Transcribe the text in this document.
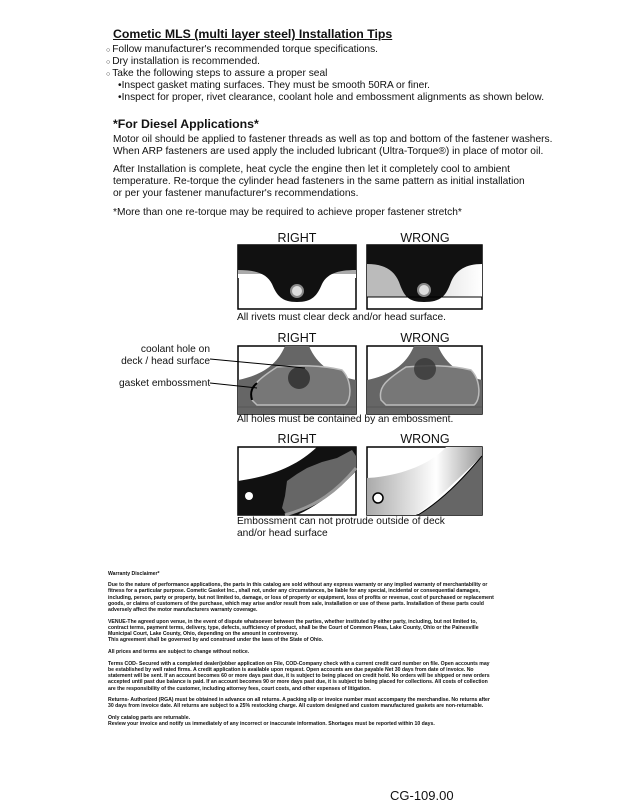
Cometic MLS (multi layer steel) Installation Tips
○ Follow manufacturer's recommended torque specifications.
○ Dry installation is recommended.
○ Take the following steps to assure a proper seal
•Inspect gasket mating surfaces. They must be smooth 50RA or finer.
•Inspect for proper, rivet clearance, coolant hole and embossment alignments as shown below.
*For Diesel Applications*
Motor oil should be applied to fastener threads as well as top and bottom of the fastener washers.
When ARP fasteners are used apply the included lubricant (Ultra-Torque®) in place of motor oil.
After Installation is complete, heat cycle the engine then let it completely cool to ambient
temperature. Re-torque the cylinder head fasteners in the same pattern as initial installation
or per your fastener manufacturer's recommendations.
*More than one re-torque may be required to achieve proper fastener stretch*
RIGHT	WRONG
RIGHT	WRONG
RIGHT	WRONG
All rivets must clear deck and/or head surface.
coolant hole on
deck / head surface
gasket embossment
All holes must be contained by an embossment.
Embossment can not protrude outside of deck
and/or head surface
Warranty Disclaimer*
Due to the nature of performance applications, the parts in this catalog are sold without any express warranty or any implied warranty of merchantability or
fitness for a particular purpose. Cometic Gasket Inc., shall not, under any circumstances, be liable for any special, incidental or consequential damages,
including, person, party or property, but not limited to, damage, or loss of property or equipment, loss of profits or revenue, cost of purchased or replacement
goods, or claims of customers of the purchase, which may arise and/or result from sale, installation or use of these parts. Installation of these parts could
adversely affect the motor manufacturers warranty coverage.
VENUE-The agreed upon venue, in the event of dispute whatsoever between the parties, whether instituted by either party, including, but not limited to,
contract terms, payment terms, delivery, type, defects, sufficiency of product, shall be the Court of Common Pleas, Lake County, Ohio or the Painesville
Municipal Court, Lake County, Ohio, depending on the amount in controversy.
This agreement shall be governed by and construed under the laws of the State of Ohio.
All prices and terms are subject to change without notice.
Terms COD- Secured with a completed dealer/jobber application on File, COD-Company check with a current credit card number on file. Open accounts may
be established by well rated firms. A credit application is available upon request. Open accounts are due payable Net 30 days from date of invoice. No
statement will be sent. If an account becomes 60 or more days past due, it is subject to being placed on credit hold. No orders will be shipped or new orders
accepted until past due balance is paid. If an account becomes 90 or more days past due, it is subject to being placed for collections. All costs of collection
are the responsibility of the customer, including attorney fees, court costs, and other expenses of litigation.
Returns- Authorized (RGA) must be obtained in advance on all returns. A packing slip or invoice number must accompany the merchandise. No returns after
30 days from invoice date. All returns are subject to a 25% restocking charge. All custom designed and custom manufactured gaskets are non-returnable.
Only catalog parts are returnable.
Review your invoice and notify us immediately of any incorrect or inaccurate information. Shortages must be reported within 10 days.
CG-109.00
